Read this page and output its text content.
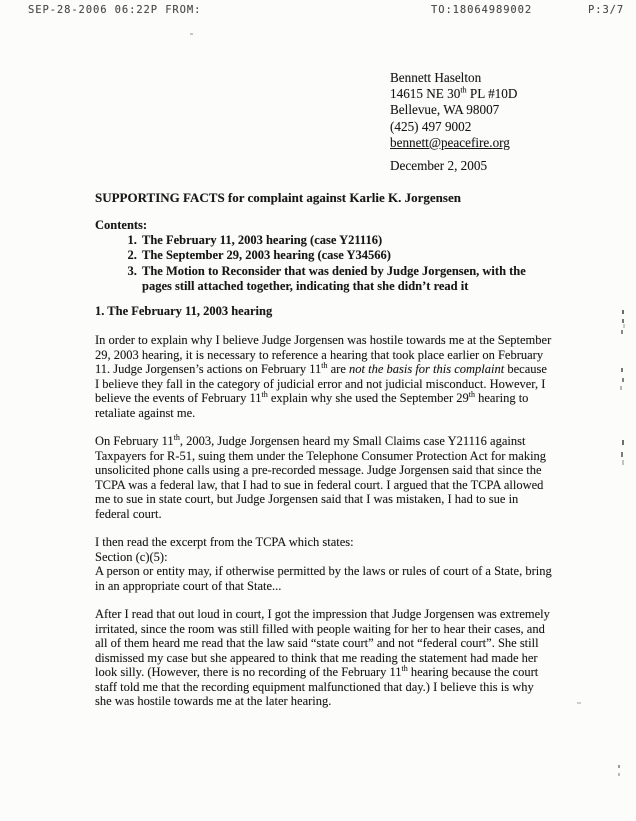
SEP-28-2006 06:22P FROM:	TO:18064989002	P:3/7
Bennett Haselton
14615 NE 30th PL #10D
Bellevue, WA 98007
(425) 497 9002
bennett@peacefire.org
December 2, 2005
SUPPORTING FACTS for complaint against Karlie K. Jorgensen
Contents:
1. The February 11, 2003 hearing (case Y21116)
2. The September 29, 2003 hearing (case Y34566)
3. The Motion to Reconsider that was denied by Judge Jorgensen, with the pages still attached together, indicating that she didn’t read it
1. The February 11, 2003 hearing

In order to explain why I believe Judge Jorgensen was hostile towards me at the September 29, 2003 hearing, it is necessary to reference a hearing that took place earlier on February 11. Judge Jorgensen’s actions on February 11th are not the basis for this complaint because I believe they fall in the category of judicial error and not judicial misconduct. However, I believe the events of February 11th explain why she used the September 29th hearing to retaliate against me.

On February 11th, 2003, Judge Jorgensen heard my Small Claims case Y21116 against Taxpayers for R-51, suing them under the Telephone Consumer Protection Act for making unsolicited phone calls using a pre-recorded message. Judge Jorgensen said that since the TCPA was a federal law, that I had to sue in federal court. I argued that the TCPA allowed me to sue in state court, but Judge Jorgensen said that I was mistaken, I had to sue in federal court.

I then read the excerpt from the TCPA which states:
Section (c)(5):
A person or entity may, if otherwise permitted by the laws or rules of court of a State, bring in an appropriate court of that State...

After I read that out loud in court, I got the impression that Judge Jorgensen was extremely irritated, since the room was still filled with people waiting for her to hear their cases, and all of them heard me read that the law said “state court” and not “federal court”. She still dismissed my case but she appeared to think that me reading the statement had made her look silly. (However, there is no recording of the February 11th hearing because the court staff told me that the recording equipment malfunctioned that day.) I believe this is why she was hostile towards me at the later hearing.
